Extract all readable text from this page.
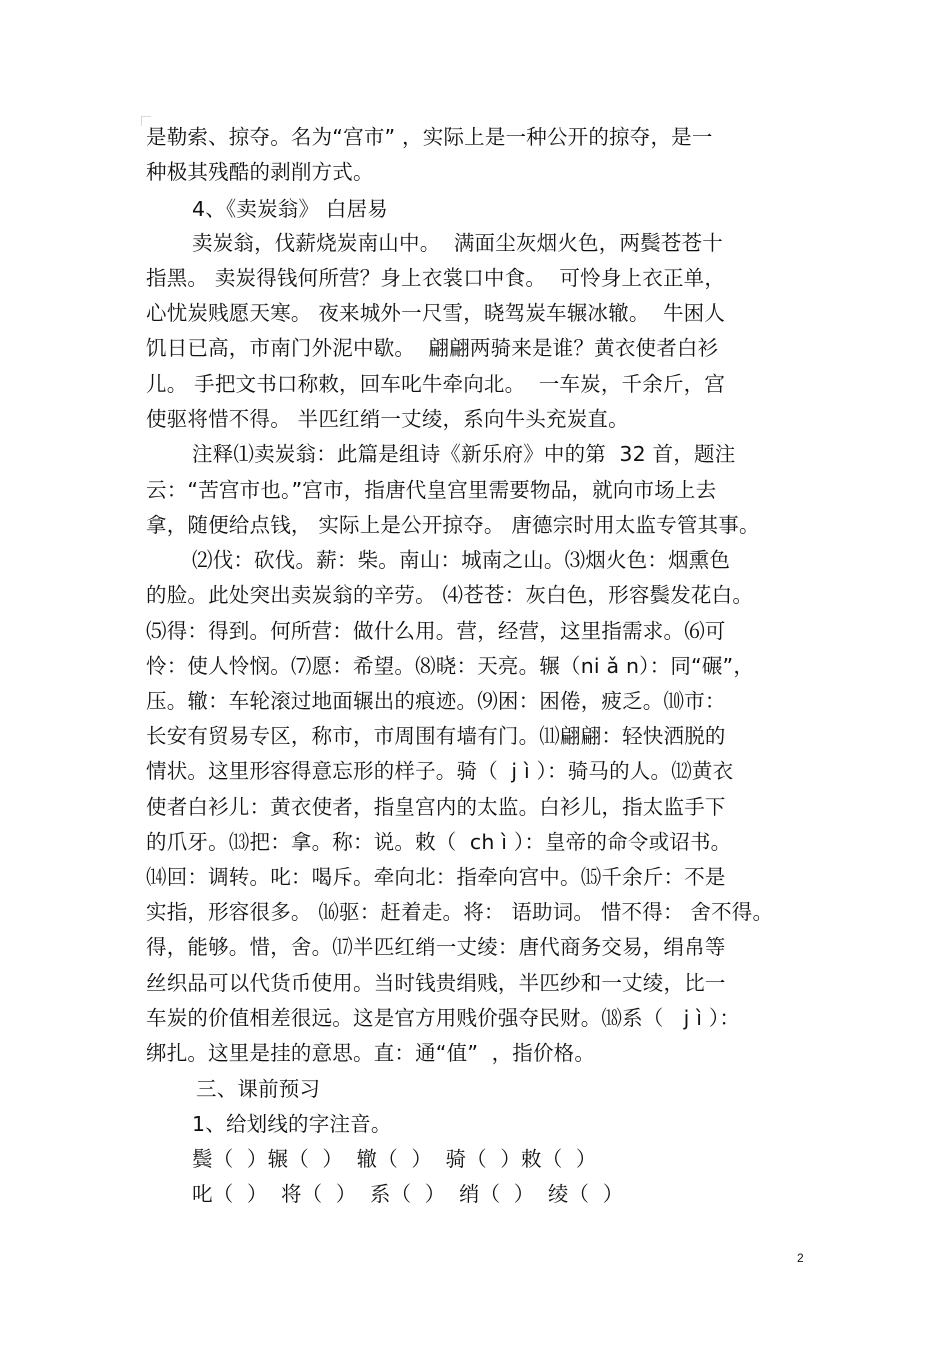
是勒索、掠夺。名为“宫市” ，实际上是一种公开的掠夺，是一
种极其残酷的剥削方式。
4、《卖炭翁》 白居易
卖炭翁，伐薪烧炭南山中。  满面尘灰烟火色，两鬓苍苍十
指黑。 卖炭得钱何所营？身上衣裳口中食。  可怜身上衣正单，
心忧炭贱愿天寒。 夜来城外一尺雪，晓驾炭车辗冰辙。  牛困人
饥日已高，市南门外泥中歇。  翩翩两骑来是谁？黄衣使者白衫
儿。 手把文书口称敕，回车叱牛牵向北。  一车炭，千余斤，宫
使驱将惜不得。 半匹红绡一丈绫，系向牛头充炭直。
注释⑴卖炭翁：此篇是组诗《新乐府》中的第  32 首，题注
云：“苦宫市也。”宫市，指唐代皇宫里需要物品，就向市场上去
拿，随便给点钱， 实际上是公开掠夺。 唐德宗时用太监专管其事。
⑵伐：砍伐。薪：柴。南山：城南之山。⑶烟火色：烟熏色
的脸。此处突出卖炭翁的辛劳。 ⑷苍苍：灰白色，形容鬓发花白。
⑸得：得到。何所营：做什么用。营，经营，这里指需求。⑹可
怜：使人怜悯。⑺愿：希望。⑻晓：天亮。辗（ni ǎ n）：同“碾”，
压。辙：车轮滚过地面辗出的痕迹。⑼困：困倦，疲乏。⑽市：
长安有贸易专区，称市，市周围有墙有门。⑾翩翩：轻快洒脱的
情状。这里形容得意忘形的样子。骑（  j ì ）：骑马的人。⑿黄衣
使者白衫儿：黄衣使者，指皇宫内的太监。白衫儿，指太监手下
的爪牙。⒀把：拿。称：说。敕（  ch ì ）：皇帝的命令或诏书。
⒁回：调转。叱：喝斥。牵向北：指牵向宫中。⒂千余斤：不是
实指，形容很多。 ⒃驱：赶着走。将： 语助词。 惜不得： 舍不得。
得，能够。惜，舍。⒄半匹红绡一丈绫：唐代商务交易，绢帛等
丝织品可以代货币使用。当时钱贵绢贱，半匹纱和一丈绫，比一
车炭的价值相差很远。这是官方用贱价强夺民财。⒅系（   j ì ）：
绑扎。这里是挂的意思。直：通“值”  ，指价格。
三、课前预习
1、给划线的字注音。
鬓（  ）辗（  ）  辙（  ）  骑（  ）敕（  ）
叱（  ）  将（  ）  系（  ）  绡（  ）  绫（  ）
2
